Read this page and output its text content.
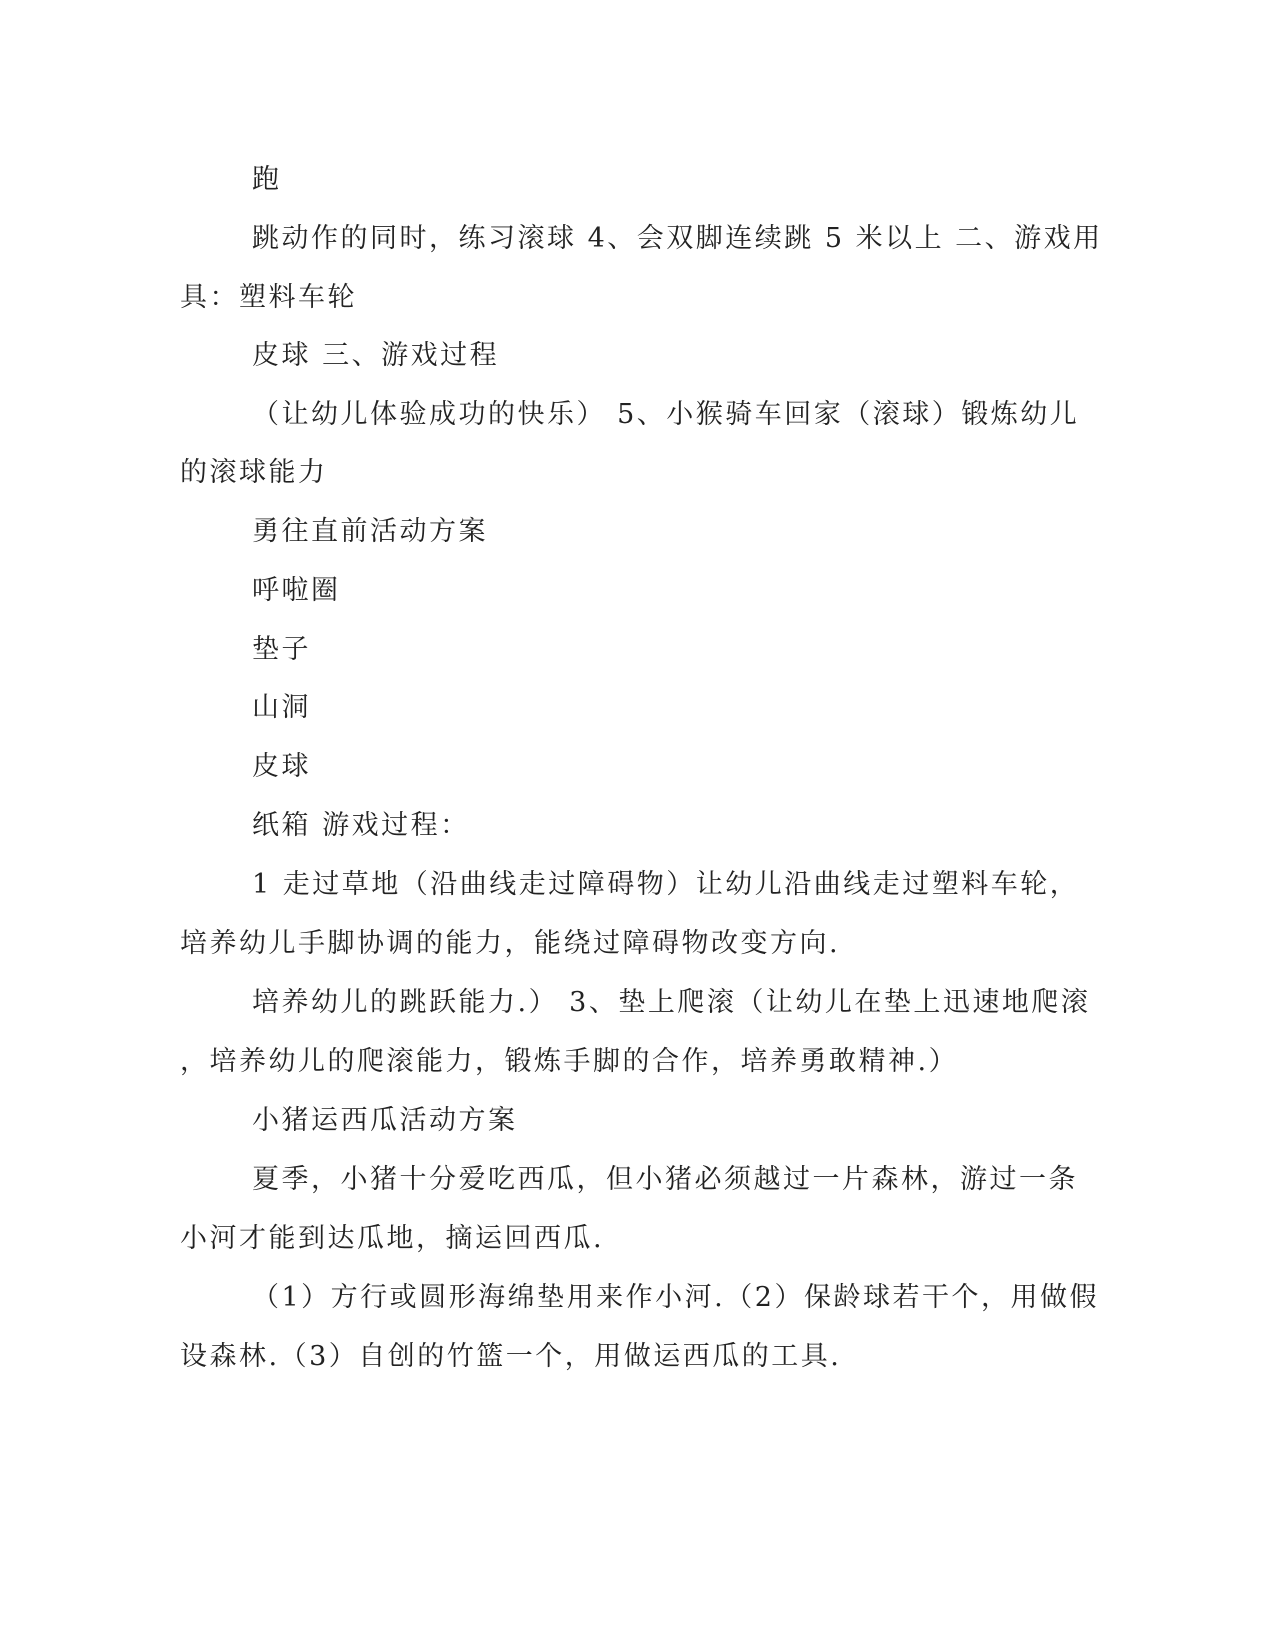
跑
跳动作的同时，练习滚球 4、会双脚连续跳 5 米以上 二、游戏用
具：塑料车轮
皮球 三、游戏过程
（让幼儿体验成功的快乐） 5、小猴骑车回家（滚球）锻炼幼儿
的滚球能力
勇往直前活动方案
呼啦圈
垫子
山洞
皮球
纸箱 游戏过程：
1 走过草地（沿曲线走过障碍物）让幼儿沿曲线走过塑料车轮，
培养幼儿手脚协调的能力，能绕过障碍物改变方向.
培养幼儿的跳跃能力.） 3、垫上爬滚（让幼儿在垫上迅速地爬滚
，培养幼儿的爬滚能力，锻炼手脚的合作，培养勇敢精神.）
小猪运西瓜活动方案
夏季，小猪十分爱吃西瓜，但小猪必须越过一片森林，游过一条
小河才能到达瓜地，摘运回西瓜.
（1）方行或圆形海绵垫用来作小河.（2）保龄球若干个，用做假
设森林.（3）自创的竹篮一个，用做运西瓜的工具.
